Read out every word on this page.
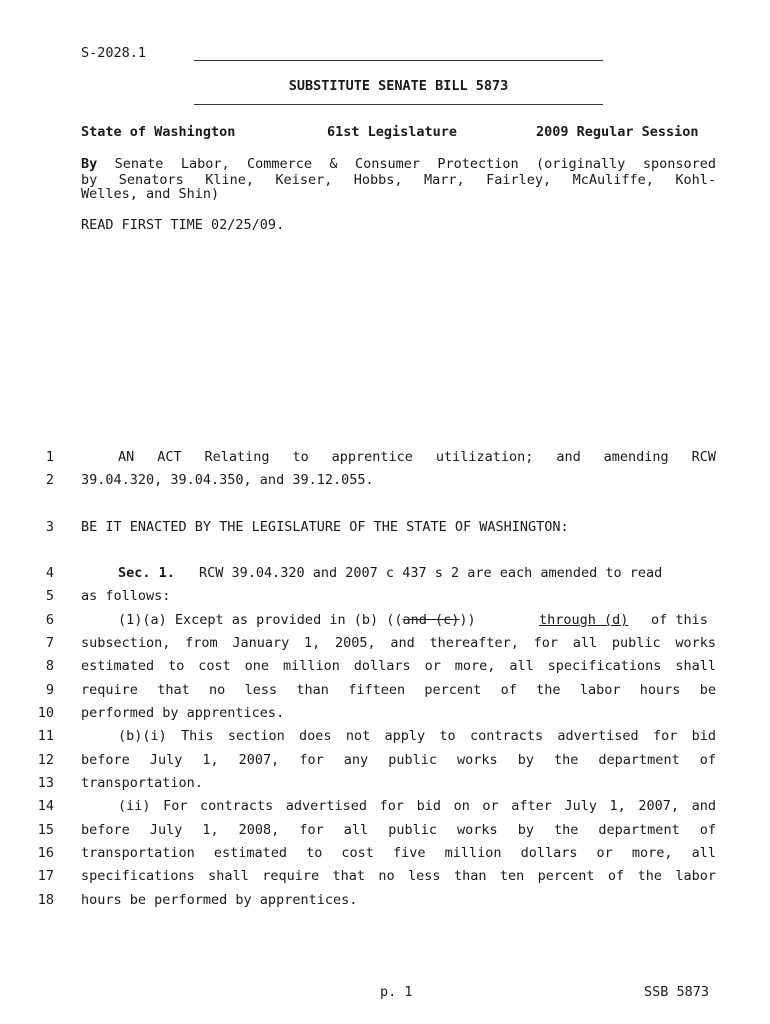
S-2028.1
SUBSTITUTE SENATE BILL 5873
State of Washington	61st Legislature	2009 Regular Session
By Senate Labor, Commerce & Consumer Protection (originally sponsored
by Senators Kline, Keiser, Hobbs, Marr, Fairley, McAuliffe, Kohl-
Welles, and Shin)
READ FIRST TIME 02/25/09.
1	AN ACT Relating to apprentice utilization; and amending RCW
2 39.04.320, 39.04.350, and 39.12.055.
3 BE IT ENACTED BY THE LEGISLATURE OF THE STATE OF WASHINGTON:
4	Sec. 1. RCW 39.04.320 and 2007 c 437 s 2 are each amended to read
5 as follows:
6	(1)(a) Except as provided in (b) ((and (c)))	through (d) of this
7 subsection, from January 1, 2005, and thereafter, for all public works
8 estimated to cost one million dollars or more, all specifications shall
9 require that no less than fifteen percent of the labor hours be
10 performed by apprentices.
11	(b)(i) This section does not apply to contracts advertised for bid
12 before July 1, 2007, for any public works by the department of
13 transportation.
14	(ii) For contracts advertised for bid on or after July 1, 2007, and
15 before July 1, 2008, for all public works by the department of
16 transportation estimated to cost five million dollars or more, all
17 specifications shall require that no less than ten percent of the labor
18 hours be performed by apprentices.
p. 1	SSB 5873
